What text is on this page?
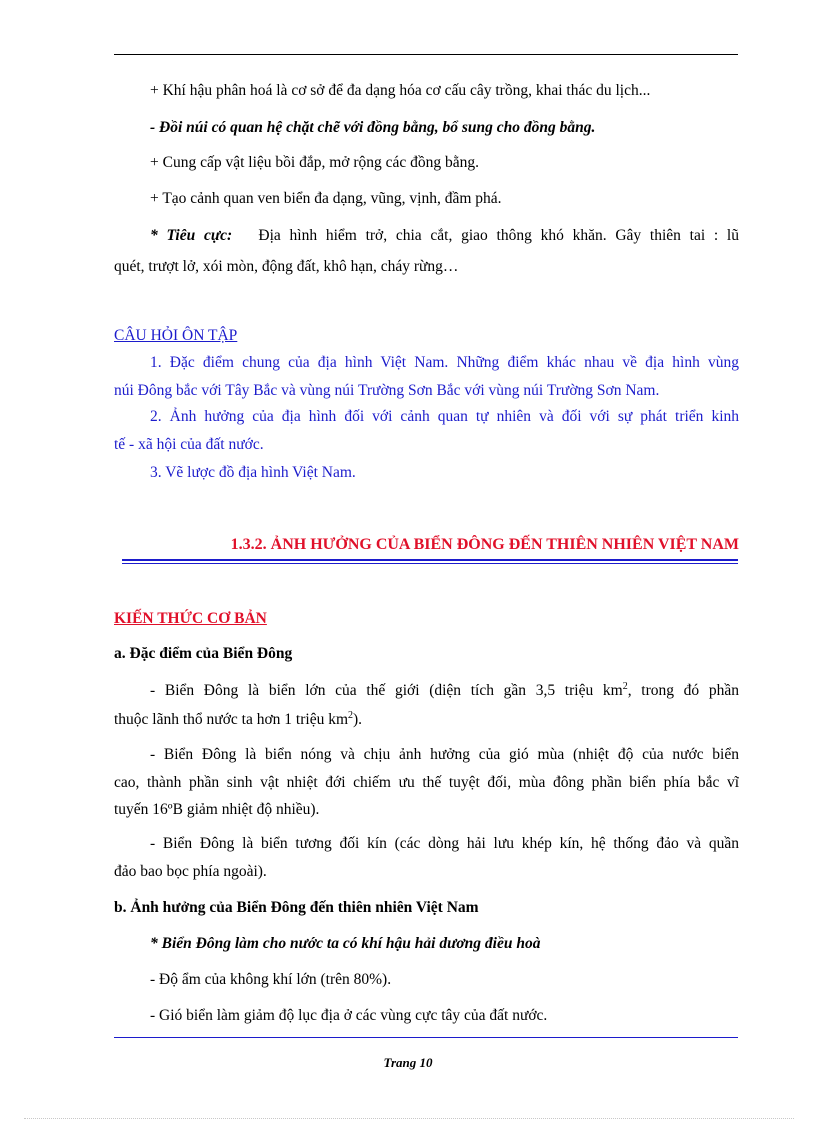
+ Khí hậu phân hoá là cơ sở để đa dạng hóa cơ cấu cây trồng, khai thác du lịch...
- Đồi núi có quan hệ chặt chẽ với đồng bằng, bổ sung cho đồng bằng.
+ Cung cấp vật liệu bồi đắp, mở rộng các đồng bằng.
+ Tạo cảnh quan ven biển đa dạng, vũng, vịnh, đầm phá.
* Tiêu cực: Địa hình hiểm trở, chia cắt, giao thông khó khăn. Gây thiên tai : lũ
quét, trượt lở, xói mòn, động đất, khô hạn, cháy rừng…
CÂU HỎI ÔN TẬP
1. Đặc điểm chung của địa hình Việt Nam. Những điểm khác nhau về địa hình vùng
núi Đông bắc với Tây Bắc và vùng núi Trường Sơn Bắc với vùng núi Trường Sơn Nam.
2. Ảnh hưởng của địa hình đối với cảnh quan tự nhiên và đối với sự phát triển kinh
tế - xã hội của đất nước.
3. Vẽ lược đồ địa hình Việt Nam.
1.3.2. ẢNH HƯỞNG CỦA BIỂN ĐÔNG ĐẾN THIÊN NHIÊN VIỆT NAM
KIẾN THỨC CƠ BẢN
a. Đặc điểm của Biển Đông
- Biển Đông là biển lớn của thế giới (diện tích gần 3,5 triệu $km^2$, trong đó phần
thuộc lãnh thổ nước ta hơn 1 triệu $km^2$).
- Biển Đông là biển nóng và chịu ảnh hưởng của gió mùa (nhiệt độ của nước biển
cao, thành phần sinh vật nhiệt đới chiếm ưu thế tuyệt đối, mùa đông phần biển phía bắc vĩ
tuyến 16ºB giảm nhiệt độ nhiều).
- Biển Đông là biển tương đối kín (các dòng hải lưu khép kín, hệ thống đảo và quần
đảo bao bọc phía ngoài).
b. Ảnh hưởng của Biển Đông đến thiên nhiên Việt Nam
* Biển Đông làm cho nước ta có khí hậu hải dương điều hoà
- Độ ẩm của không khí lớn (trên 80%).
- Gió biển làm giảm độ lục địa ở các vùng cực tây của đất nước.
Trang 10
